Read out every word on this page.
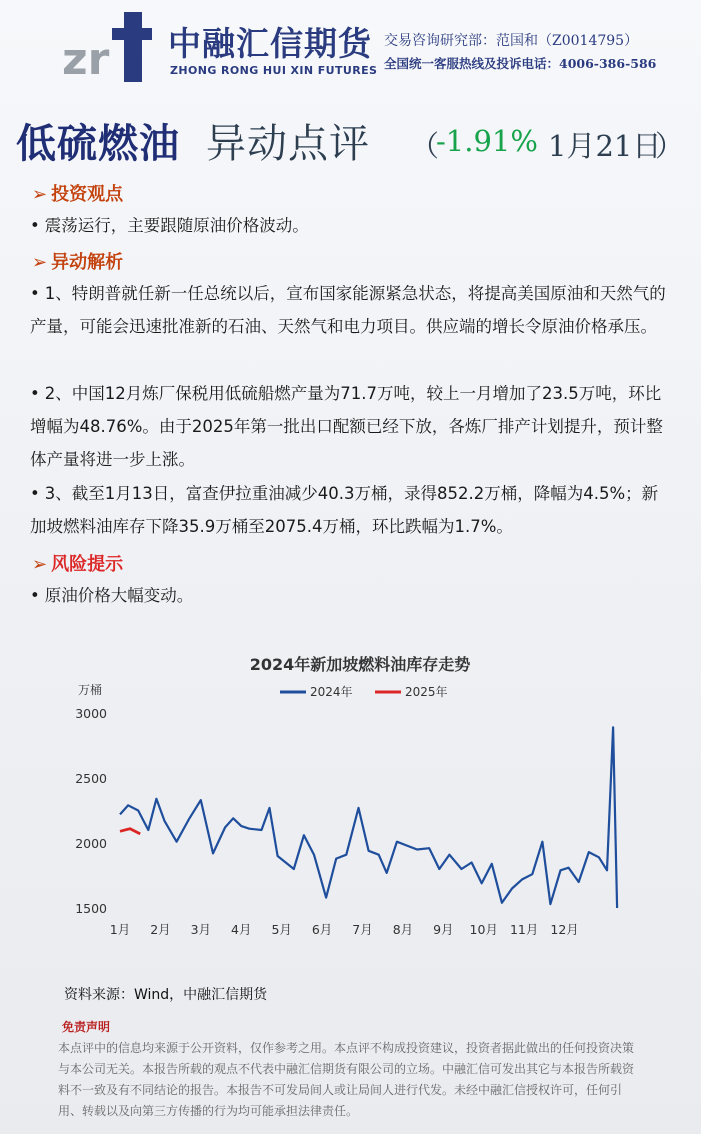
zr 中融汇信期货
ZHONG RONG HUI XIN FUTURES
交易咨询研究部：范国和（Z0014795）
全国统一客服热线及投诉电话：4006-386-586
低硫燃油 异动点评 （
-1.91% 1月21日
）
➢ 投资观点
• 震荡运行，主要跟随原油价格波动。
➢ 异动解析
• 1、特朗普就任新一任总统以后，宣布国家能源紧急状态，将提高美国原油和天然气的产量，可能会迅速批准新的石油、天然气和电力项目。供应端的增长令原油价格承压。
• 2、中国12月炼厂保税用低硫船燃产量为71.7万吨，较上一月增加了23.5万吨，环比增幅为48.76%。由于2025年第一批出口配额已经下放，各炼厂排产计划提升，预计整体产量将进一步上涨。
• 3、截至1月13日，富查伊拉重油减少40.3万桶，录得852.2万桶，降幅为4.5%；新加坡燃料油库存下降35.9万桶至2075.4万桶，环比跌幅为1.7%。
➢ 风险提示
• 原油价格大幅变动。
2024年新加坡燃料油库存走势
万桶	2024年	2025年
1500
2000
2500
3000
1月 2月 3月 4月 5月 6月 7月 8月 9月 10月 11月 12月
资料来源：Wind，中融汇信期货
免责声明
本点评中的信息均来源于公开资料，仅作参考之用。本点评不构成投资建议，投资者据此做出的任何投资决策与本公司无关。本报告所载的观点不代表中融汇信期货有限公司的立场。中融汇信可发出其它与本报告所载资料不一致及有不同结论的报告。本报告不可发局间人或让局间人进行代发。未经中融汇信授权许可，任何引用、转载以及向第三方传播的行为均可能承担法律责任。
